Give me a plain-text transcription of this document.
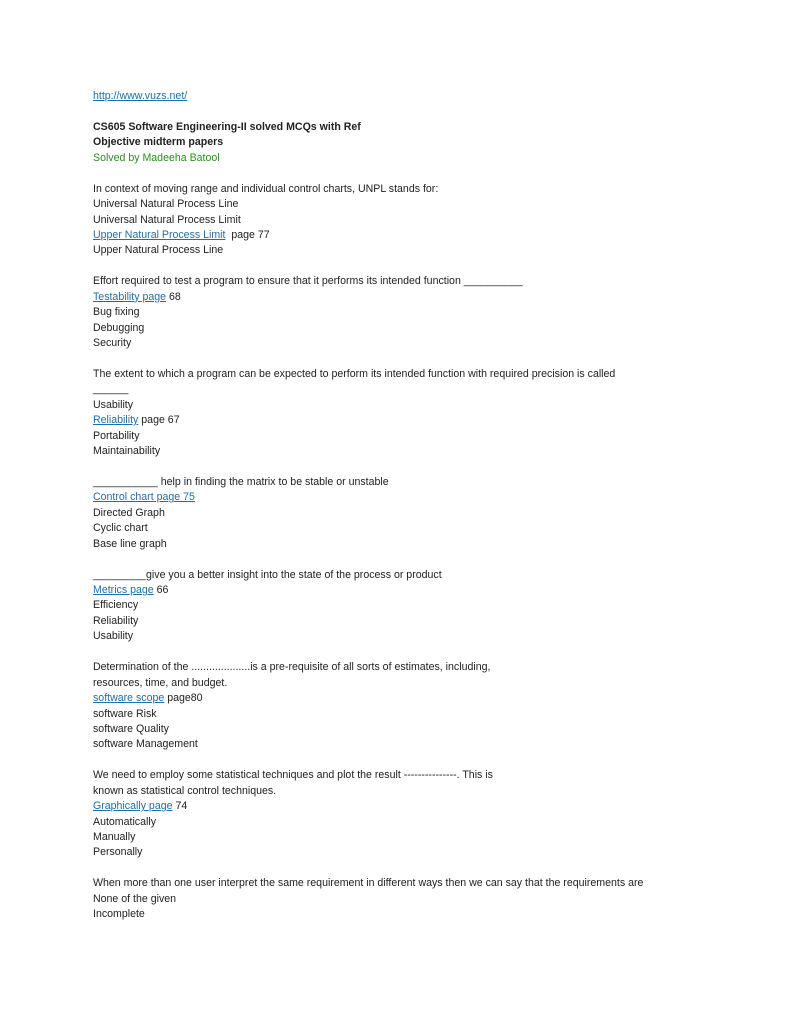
http://www.vuzs.net/
CS605 Software Engineering-II solved MCQs with Ref
Objective midterm papers
Solved by Madeeha Batool
In context of moving range and individual control charts, UNPL stands for:
Universal Natural Process Line
Universal Natural Process Limit
Upper Natural Process Limit  page 77
Upper Natural Process Line
Effort required to test a program to ensure that it performs its intended function __________
Testability page 68
Bug fixing
Debugging
Security
The extent to which a program can be expected to perform its intended function with required precision is called
______
Usability
Reliability page 67
Portability
Maintainability
___________ help in finding the matrix to be stable or unstable
Control chart page 75
Directed Graph
Cyclic chart
Base line graph
_________give you a better insight into the state of the process or product
Metrics page 66
Efficiency
Reliability
Usability
Determination of the ....................is a pre-requisite of all sorts of estimates, including,
resources, time, and budget.
software scope page80
software Risk
software Quality
software Management
We need to employ some statistical techniques and plot the result ---------------. This is
known as statistical control techniques.
Graphically page 74
Automatically
Manually
Personally
When more than one user interpret the same requirement in different ways then we can say that the requirements are
None of the given
Incomplete
